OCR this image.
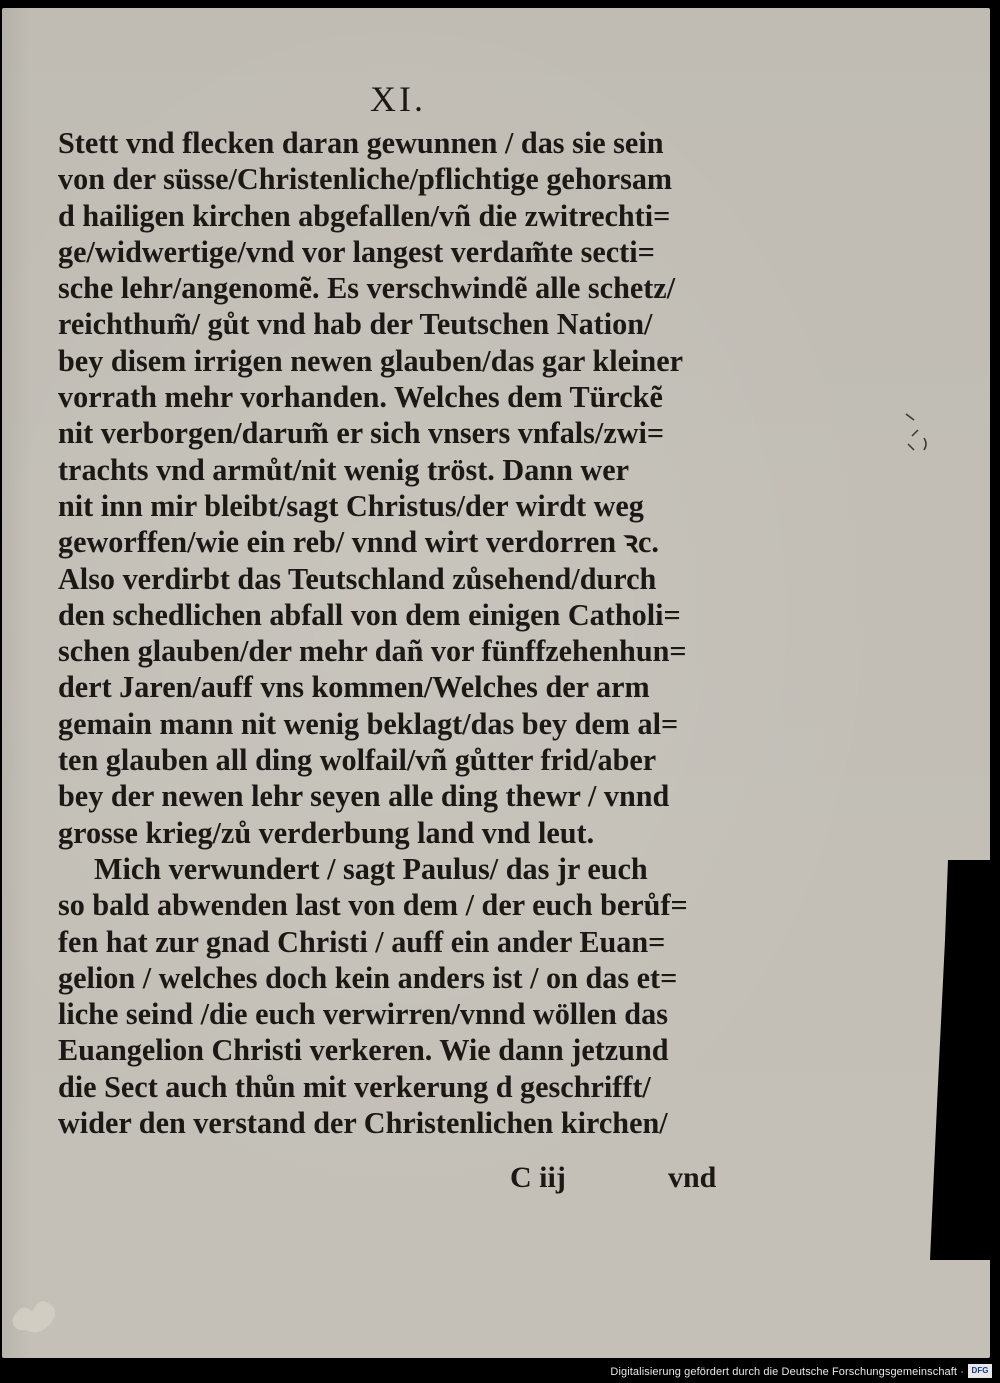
XI.
Stett vnd flecken daran gewunnen / das sie sein
von der süsse/Christenliche/pflichtige gehorsam
d hailigen kirchen abgefallen/vñ die zwitrechti=
ge/widwertige/vnd vor langest verdam̃te secti=
sche lehr/angenomẽ. Es verschwindẽ alle schetz/
reichthum̃/ gůt vnd hab der Teutschen Nation/
bey disem irrigen newen glauben/das gar kleiner
vorrath mehr vorhanden. Welches dem Türckẽ
nit verborgen/darum̃ er sich vnsers vnfals/zwi=
trachts vnd armůt/nit wenig tröst. Dann wer
nit inn mir bleibt/sagt Christus/der wirdt weg
geworffen/wie ein reb/ vnnd wirt verdorren ꝛc.
Also verdirbt das Teutschland zůsehend/durch
den schedlichen abfall von dem einigen Catholi=
schen glauben/der mehr dañ vor fünffzehenhun=
dert Jaren/auff vns kommen/Welches der arm
gemain mann nit wenig beklagt/das bey dem al=
ten glauben all ding wolfail/vñ gůtter frid/aber
bey der newen lehr seyen alle ding thewr / vnnd
grosse krieg/zů verderbung land vnd leut.
Mich verwundert / sagt Paulus/ das jr euch
so bald abwenden last von dem / der euch berůf=
fen hat zur gnad Christi / auff ein ander Euan=
gelion / welches doch kein anders ist / on das et=
liche seind /die euch verwirren/vnnd wöllen das
Euangelion Christi verkeren. Wie dann jetzund
die Sect auch thůn mit verkerung d geschrifft/
wider den verstand der Christenlichen kirchen/
C iij	vnd
Digitalisierung gefördert durch die Deutsche Forschungsgemeinschaft · DFG
